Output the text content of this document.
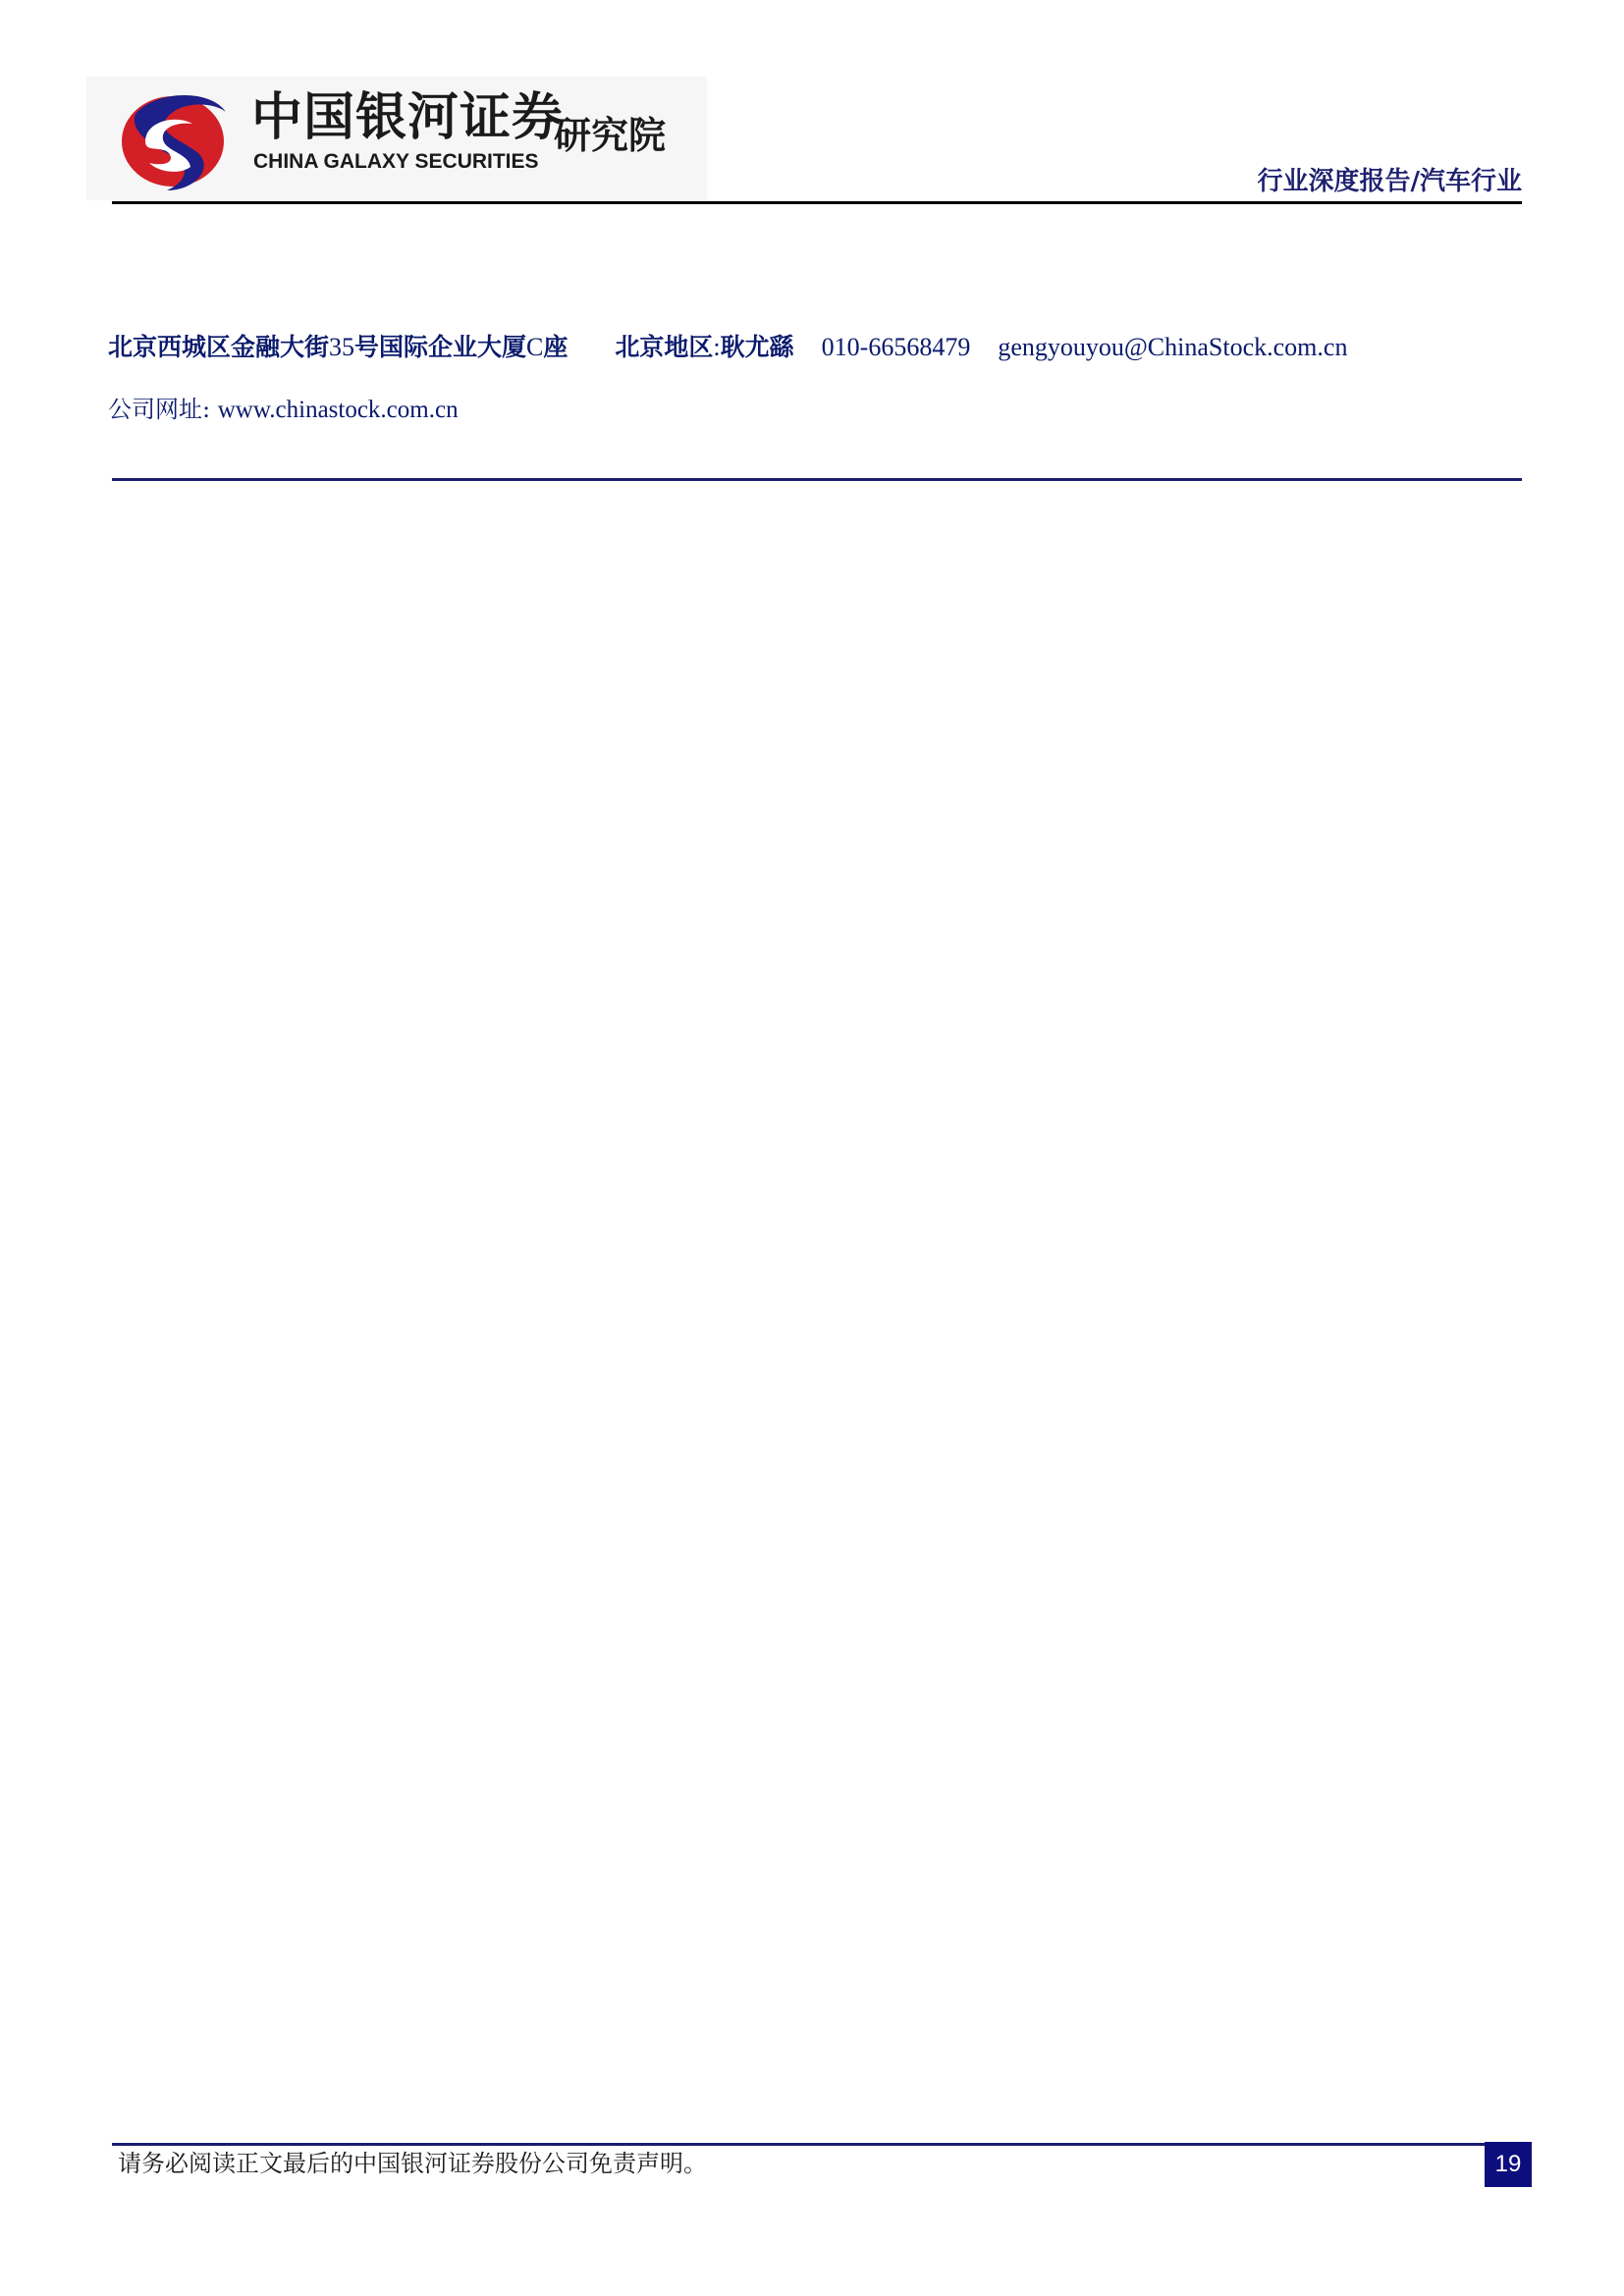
中国银河证券
CHINA GALAXY SECURITIES
研究院
行业深度报告/汽车行业
北京西城区金融大街35号国际企业大厦C座 北京地区:耿尤繇 010-66568479 gengyouyou@ChinaStock.com.cn
公司网址: www.chinastock.com.cn
请务必阅读正文最后的中国银河证券股份公司免责声明。	19
